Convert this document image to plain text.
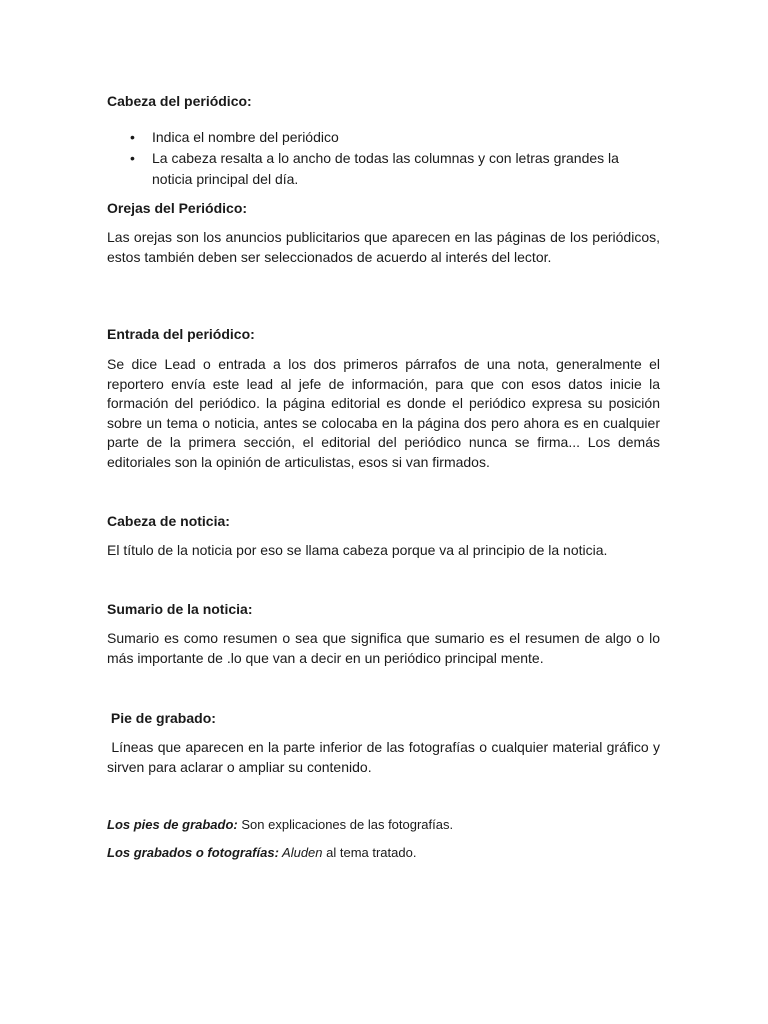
Cabeza del periódico:
• Indica el nombre del periódico
• La cabeza resalta a lo ancho de todas las columnas y con letras grandes la noticia principal del día.
Orejas del Periódico:
Las orejas son los anuncios publicitarios que aparecen en las páginas de los periódicos, estos también deben ser seleccionados de acuerdo al interés del lector.
Entrada del periódico:
Se dice Lead o entrada a los dos primeros párrafos de una nota, generalmente el reportero envía este lead al jefe de información, para que con esos datos inicie la formación del periódico. la página editorial es donde el periódico expresa su posición sobre un tema o noticia, antes se colocaba en la página dos pero ahora es en cualquier parte de la primera sección, el editorial del periódico nunca se firma... Los demás editoriales son la opinión de articulistas, esos si van firmados.
Cabeza de noticia:
El título de la noticia por eso se llama cabeza porque va al principio de la noticia.
Sumario de la noticia:
Sumario es como resumen o sea que significa que sumario es el resumen de algo o lo más importante de .lo que van a decir en un periódico principal mente.
Pie de grabado:
Líneas que aparecen en la parte inferior de las fotografías o cualquier material gráfico y sirven para aclarar o ampliar su contenido.
Los pies de grabado: Son explicaciones de las fotografías.
Los grabados o fotografías: Aluden al tema tratado.
